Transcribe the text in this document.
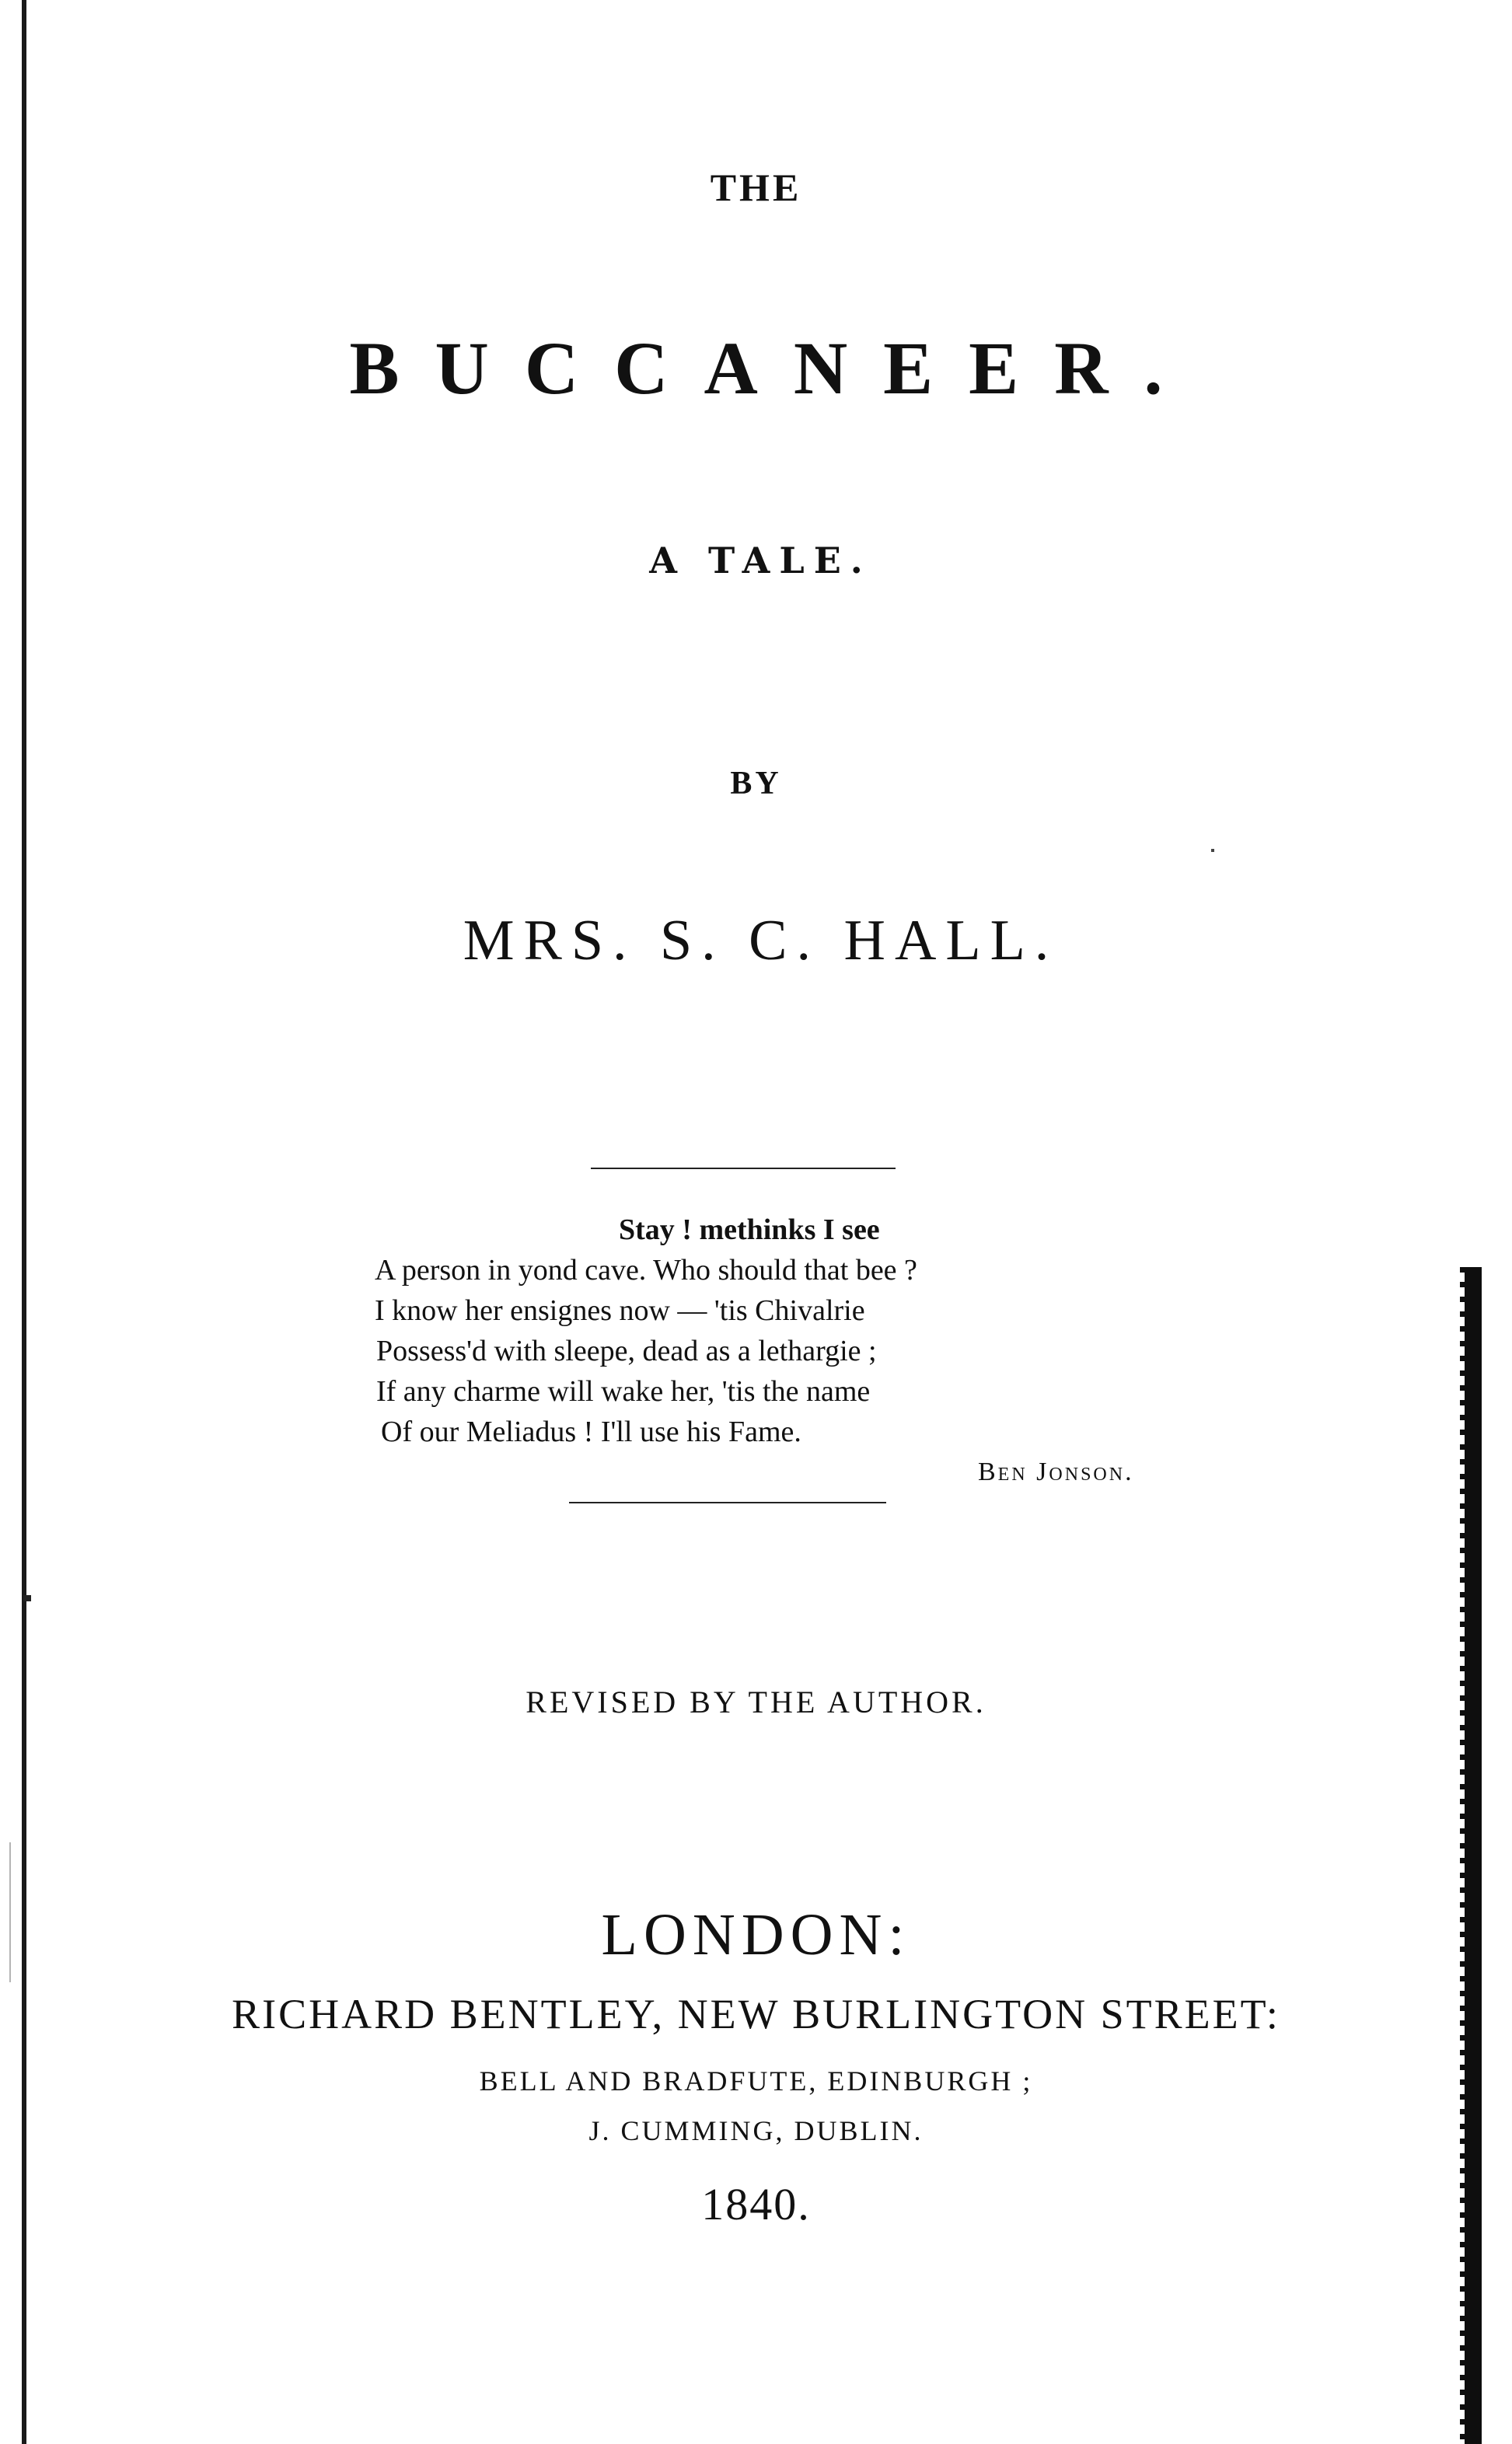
THE
BUCCANEER.
A TALE.
BY
MRS. S. C. HALL.
Stay ! methinks I see
A person in yond cave. Who should that bee ?
I know her ensignes now — 'tis Chivalrie
Possess'd with sleepe, dead as a lethargie ;
If any charme will wake her, 'tis the name
Of our Meliadus ! I'll use his Fame.
Ben Jonson.
REVISED BY THE AUTHOR.
LONDON:
RICHARD BENTLEY, NEW BURLINGTON STREET:
BELL AND BRADFUTE, EDINBURGH ;
J. CUMMING, DUBLIN.
1840.
